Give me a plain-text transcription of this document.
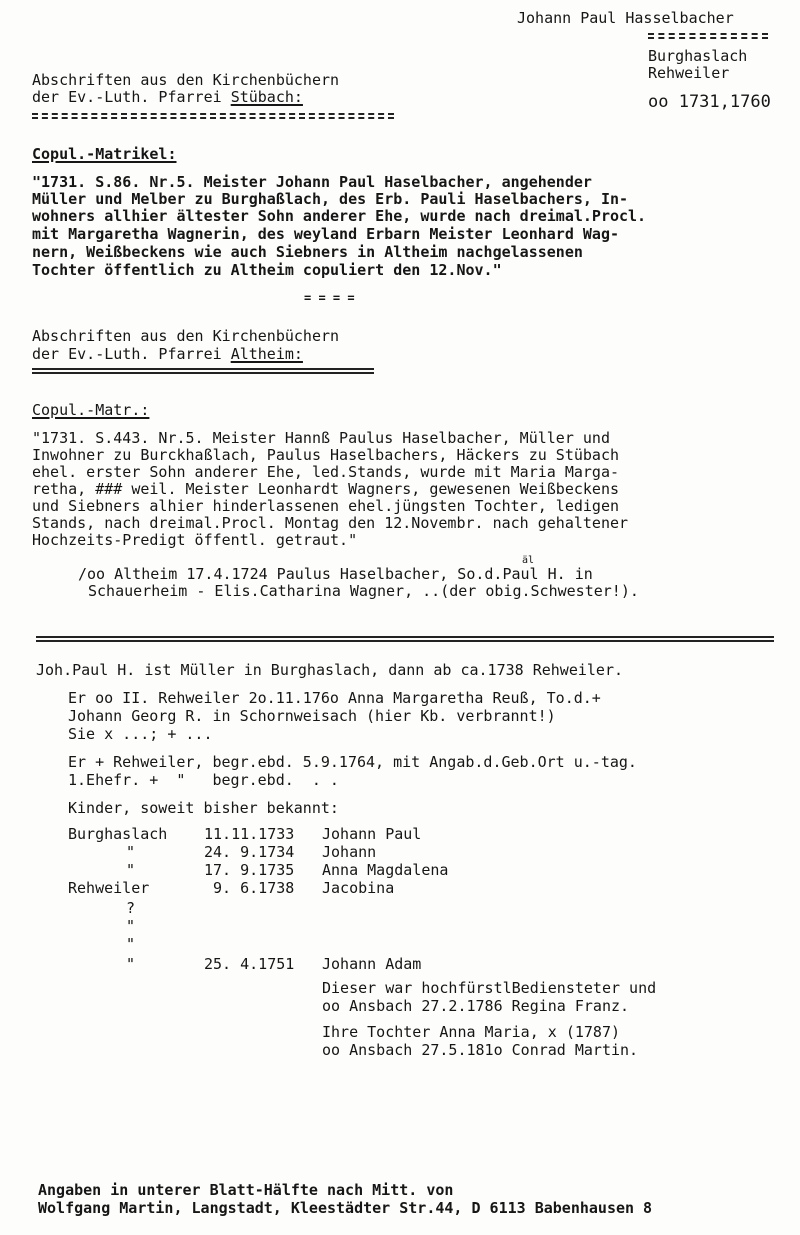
Johann Paul Hasselbacher
Burghaslach
Rehweiler
oo 1731,1760
Abschriften aus den Kirchenbüchern
der Ev.-Luth. Pfarrei Stübach:
Copul.-Matrikel:
"1731. S.86. Nr.5. Meister Johann Paul Haselbacher, angehender
Müller und Melber zu Burghaßlach, des Erb. Pauli Haselbachers, In-
wohners allhier ältester Sohn anderer Ehe, wurde nach dreimal.Procl.
mit Margaretha Wagnerin, des weyland Erbarn Meister Leonhard Wag-
nern, Weißbeckens wie auch Siebners in Altheim nachgelassenen
Tochter öffentlich zu Altheim copuliert den 12.Nov."
= = = =
Abschriften aus den Kirchenbüchern
der Ev.-Luth. Pfarrei Altheim:
Copul.-Matr.:
"1731. S.443. Nr.5. Meister Hannß Paulus Haselbacher, Müller und
Inwohner zu Burckhaßlach, Paulus Haselbachers, Häckers zu Stübach
ehel. erster Sohn anderer Ehe, led.Stands, wurde mit Maria Marga-
retha, ### weil. Meister Leonhardt Wagners, gewesenen Weißbeckens
und Siebners alhier hinderlassenen ehel.jüngsten Tochter, ledigen
Stands, nach dreimal.Procl. Montag den 12.Novembr. nach gehaltener
Hochzeits-Predigt öffentl. getraut."
äl
/oo Altheim 17.4.1724 Paulus Haselbacher, So.d.Paul H. in
Schauerheim - Elis.Catharina Wagner, ..(der obig.Schwester!).
Joh.Paul H. ist Müller in Burghaslach, dann ab ca.1738 Rehweiler.
Er oo II. Rehweiler 2o.11.176o Anna Margaretha Reuß, To.d.+
Johann Georg R. in Schornweisach (hier Kb. verbrannt!)
Sie x ...; + ...
Er + Rehweiler, begr.ebd. 5.9.1764, mit Angab.d.Geb.Ort u.-tag.
1.Ehefr. +  "   begr.ebd.  . .
Kinder, soweit bisher bekannt:
Burghaslach 11.11.1733 Johann Paul
"	24. 9.1734 Johann
"	17. 9.1735 Anna Magdalena
Rehweiler	9. 6.1738 Jacobina
?
"
"
"	25. 4.1751 Johann Adam
Dieser war hochfürstlBediensteter und
oo Ansbach 27.2.1786 Regina Franz.
Ihre Tochter Anna Maria, x (1787)
oo Ansbach 27.5.181o Conrad Martin.
Angaben in unterer Blatt-Hälfte nach Mitt. von
Wolfgang Martin, Langstadt, Kleestädter Str.44, D 6113 Babenhausen 8
